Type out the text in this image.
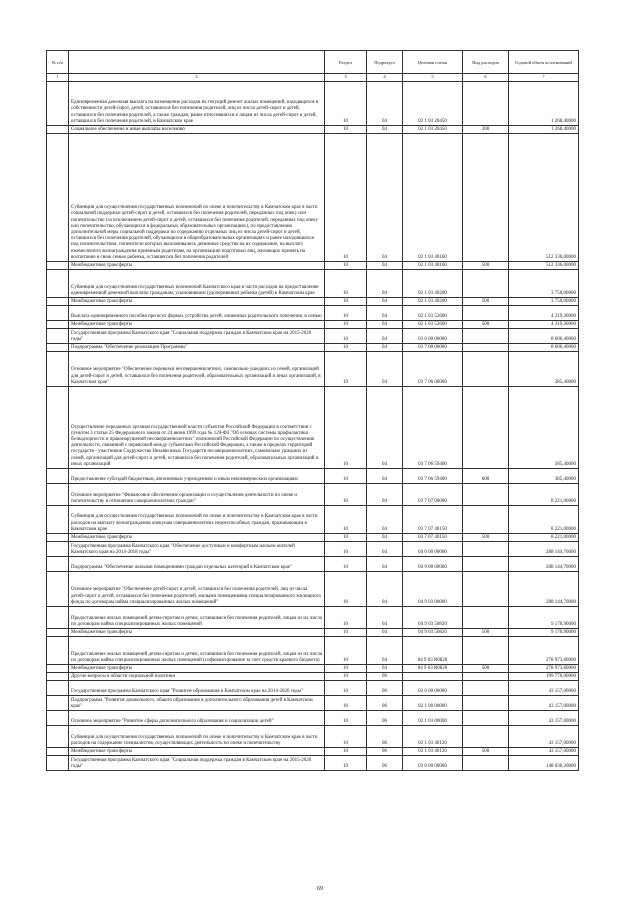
№ п/п		Раздел	Подраздел	Целевая статья	Вид расходов	Годовой объем ассигнований
1	2	3	4	5	6	7
	Единовременная денежная выплата на возмещение расходов на текущий ремонт жилых помещений, находящихся в собственности детей-сирот, детей, оставшихся без попечения родителей, лиц из числа детей-сирот и детей, оставшихся без попечения родителей, а также граждан, ранее относившихся к лицам из числа детей-сирот и детей, оставшихся без попечения родителей, в Камчатском крае	10	04	02 1 03 20450		1 268,40000
	Социальное обеспечение и иные выплаты населению	10	04	02 1 03 20450	300	1 268,40000
	Субвенции для осуществления государственных полномочий по опеке и попечительству в Камчатском крае в части социальной поддержки детей-сирот и детей, оставшихся без попечения родителей, переданных под опеку или попечительство (за исключением детей-сирот и детей, оставшихся без попечения родителей, переданных под опеку или попечительство, обучающихся в федеральных образовательных организациях), по предоставлению дополнительной меры социальной поддержки по содержанию отдельных лиц из числа детей-сирот и детей, оставшихся без попечения родителей, обучающихся в общеобразовательных организациях и ранее находившихся под попечительством, попечители которых выплачивались денежные средства на их содержание, на выплату ежемесячного вознаграждения приемным родителям, на организацию подготовки лиц, желающих принять на воспитание в свою семью ребенка, оставшегося без попечения родителей	10	04	02 1 03 40160		512 336,00000
	Межбюджетные трансферты	10	04	02 1 03 40160	500	512 336,00000
	Субвенции для осуществления государственных полномочий Камчатского края в части расходов на предоставление единовременной денежной выплаты гражданам, усыновившим (удочерившим) ребенка (детей) в Камчатском крае	10	04	02 1 03 40200		3 750,00000
	Межбюджетные трансферты	10	04	02 1 03 40200	500	3 750,00000
	Выплата единовременного пособия при всех формах устройства детей, лишенных родительского попечения, в семью	10	04	02 1 03 52600		4 319,30000
	Межбюджетные трансферты	10	04	02 1 03 52600	500	4 319,30000
	Государственная программа Камчатского края "Социальная поддержка граждан в Камчатском крае на 2015-2020 годы"	10	04	03 0 00 00000		8 606,40000
	Подпрограмма "Обеспечение реализации Программы"	10	04	03 7 00 00000		8 606,40000
	Основное мероприятие "Обеспечение перевозки несовершеннолетних, самовольно ушедших из семей, организаций для детей-сирот и детей, оставшихся без попечения родителей, образовательных организаций и иных организаций, в Камчатском крае"	10	04	03 7 06 00000		385,40000
	Осуществление переданных органам государственной власти субъектов Российской Федерации в соответствии с пунктом 3 статьи 25 Федерального закона от 24 июня 1999 года № 120-ФЗ "Об основах системы профилактики безнадзорности и правонарушений несовершеннолетних" полномочий Российской Федерации по осуществлению деятельности, связанной с перевозкой между субъектами Российской Федерации, а также в пределах территорий государств - участников Содружества Независимых Государств несовершеннолетних, самовольно ушедших из семей, организаций для детей-сирот и детей, оставшихся без попечения родителей, образовательных организаций и иных организаций	10	04	03 7 06 59400		385,40000
	Предоставление субсидий бюджетным, автономным учреждениям и иным некоммерческим организациям	10	04	03 7 06 59400	600	385,40000
	Основное мероприятие "Финансовое обеспечение организации и осуществления деятельности по опеке и попечительству в отношении совершеннолетних граждан"	10	04	03 7 07 00000		8 221,00000
	Субвенции для осуществления государственных полномочий по опеке и попечительству в Камчатском крае в части расходов на выплату вознаграждения опекунам совершеннолетних недееспособных граждан, проживающим в Камчатском крае	10	04	03 7 07 40150		8 221,00000
	Межбюджетные трансферты	10	04	03 7 07 40150	500	8 221,00000
	Государственная программа Камчатского края "Обеспечение доступным и комфортным жильем жителей Камчатского края на 2014-2018 годы"	10	04	04 0 00 00000		288 144,70000
	Подпрограмма "Обеспечение жилыми помещениями граждан отдельных категорий в Камчатском крае"	10	04	04 9 00 00000		288 144,70000
	Основное мероприятие "Обеспечение детей-сирот и детей, оставшихся без попечения родителей, лиц из числа детей-сирот и детей, оставшихся без попечения родителей, жилыми помещениями специализированного жилищного фонда по договорам найма специализированных жилых помещений"	10	04	04 9 03 00000		288 144,70000
	Предоставление жилых помещений детям-сиротам и детям, оставшимся без попечения родителей, лицам из их числа по договорам найма специализированных жилых помещений	10	04	04 9 03 50820		9 170,90000
	Межбюджетные трансферты	10	04	04 9 03 50820	500	9 170,90000
	Предоставление жилых помещений детям-сиротам и детям, оставшимся без попечения родителей, лицам из их числа по договорам найма специализированных жилых помещений (софинансирование за счет средств краевого бюджета)	10	04	04 9 03 R0820		278 973,80000
	Межбюджетные трансферты	10	04	04 9 03 R0820	500	278 973,80000
	Другие вопросы в области социальной политики	10	06			199 770,00000
	Государственная программа Камчатского края "Развитие образования в Камчатском крае на 2014-2020 годы"	10	06	02 0 00 00000		43 157,00000
	Подпрограмма "Развитие дошкольного, общего образования и дополнительного образования детей в Камчатском крае"	10	06	02 1 00 00000		43 157,00000
	Основное мероприятие "Развитие сферы дополнительного образования и социализации детей"	10	06	02 1 03 00000		43 157,00000
	Субвенции для осуществления государственных полномочий по опеке и попечительству в Камчатском крае в части расходов на содержание специалистов, осуществляющих деятельность по опеке и попечительству	10	06	02 1 03 40120		43 157,00000
	Межбюджетные трансферты	10	06	02 1 03 40120	500	43 157,00000
	Государственная программа Камчатского края "Социальная поддержка граждан в Камчатском крае на 2015-2020 годы"	10	06	03 0 00 00000		148 030,20000
69
